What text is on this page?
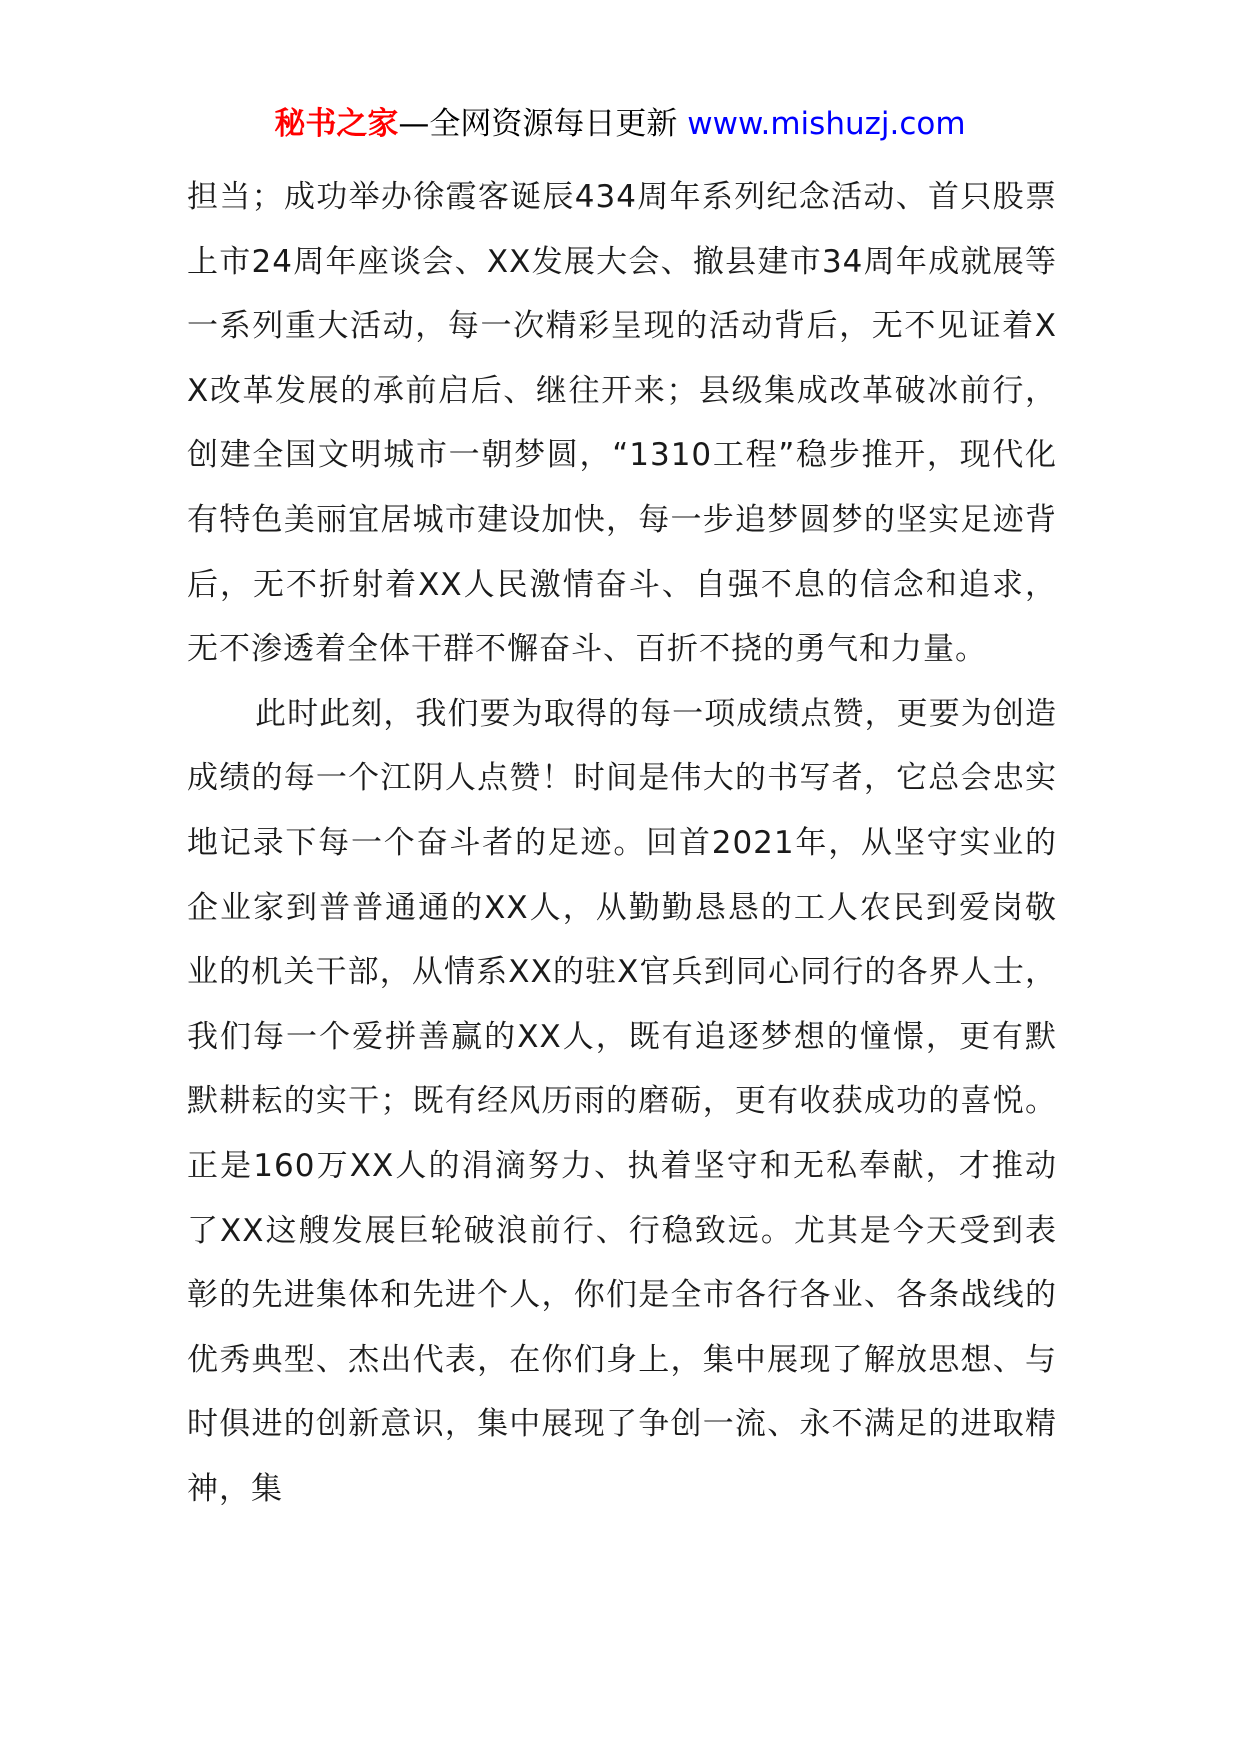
秘书之家—全网资源每日更新 www.mishuzj.com

担当；成功举办徐霞客诞辰434周年系列纪念活动、首只股票上市24周年座谈会、XX发展大会、撤县建市34周年成就展等一系列重大活动，每一次精彩呈现的活动背后，无不见证着XX改革发展的承前启后、继往开来；县级集成改革破冰前行，创建全国文明城市一朝梦圆，“1310工程”稳步推开，现代化有特色美丽宜居城市建设加快，每一步追梦圆梦的坚实足迹背后，无不折射着XX人民激情奋斗、自强不息的信念和追求，无不渗透着全体干群不懈奋斗、百折不挠的勇气和力量。

此时此刻，我们要为取得的每一项成绩点赞，更要为创造成绩的每一个江阴人点赞！时间是伟大的书写者，它总会忠实地记录下每一个奋斗者的足迹。回首2021年，从坚守实业的企业家到普普通通的XX人，从勤勤恳恳的工人农民到爱岗敬业的机关干部，从情系XX的驻X官兵到同心同行的各界人士，我们每一个爱拼善赢的XX人，既有追逐梦想的憧憬，更有默默耕耘的实干；既有经风历雨的磨砺，更有收获成功的喜悦。正是160万XX人的涓滴努力、执着坚守和无私奉献，才推动了XX这艘发展巨轮破浪前行、行稳致远。尤其是今天受到表彰的先进集体和先进个人，你们是全市各行各业、各条战线的优秀典型、杰出代表，在你们身上，集中展现了解放思想、与时俱进的创新意识，集中展现了争创一流、永不满足的进取精神，集
